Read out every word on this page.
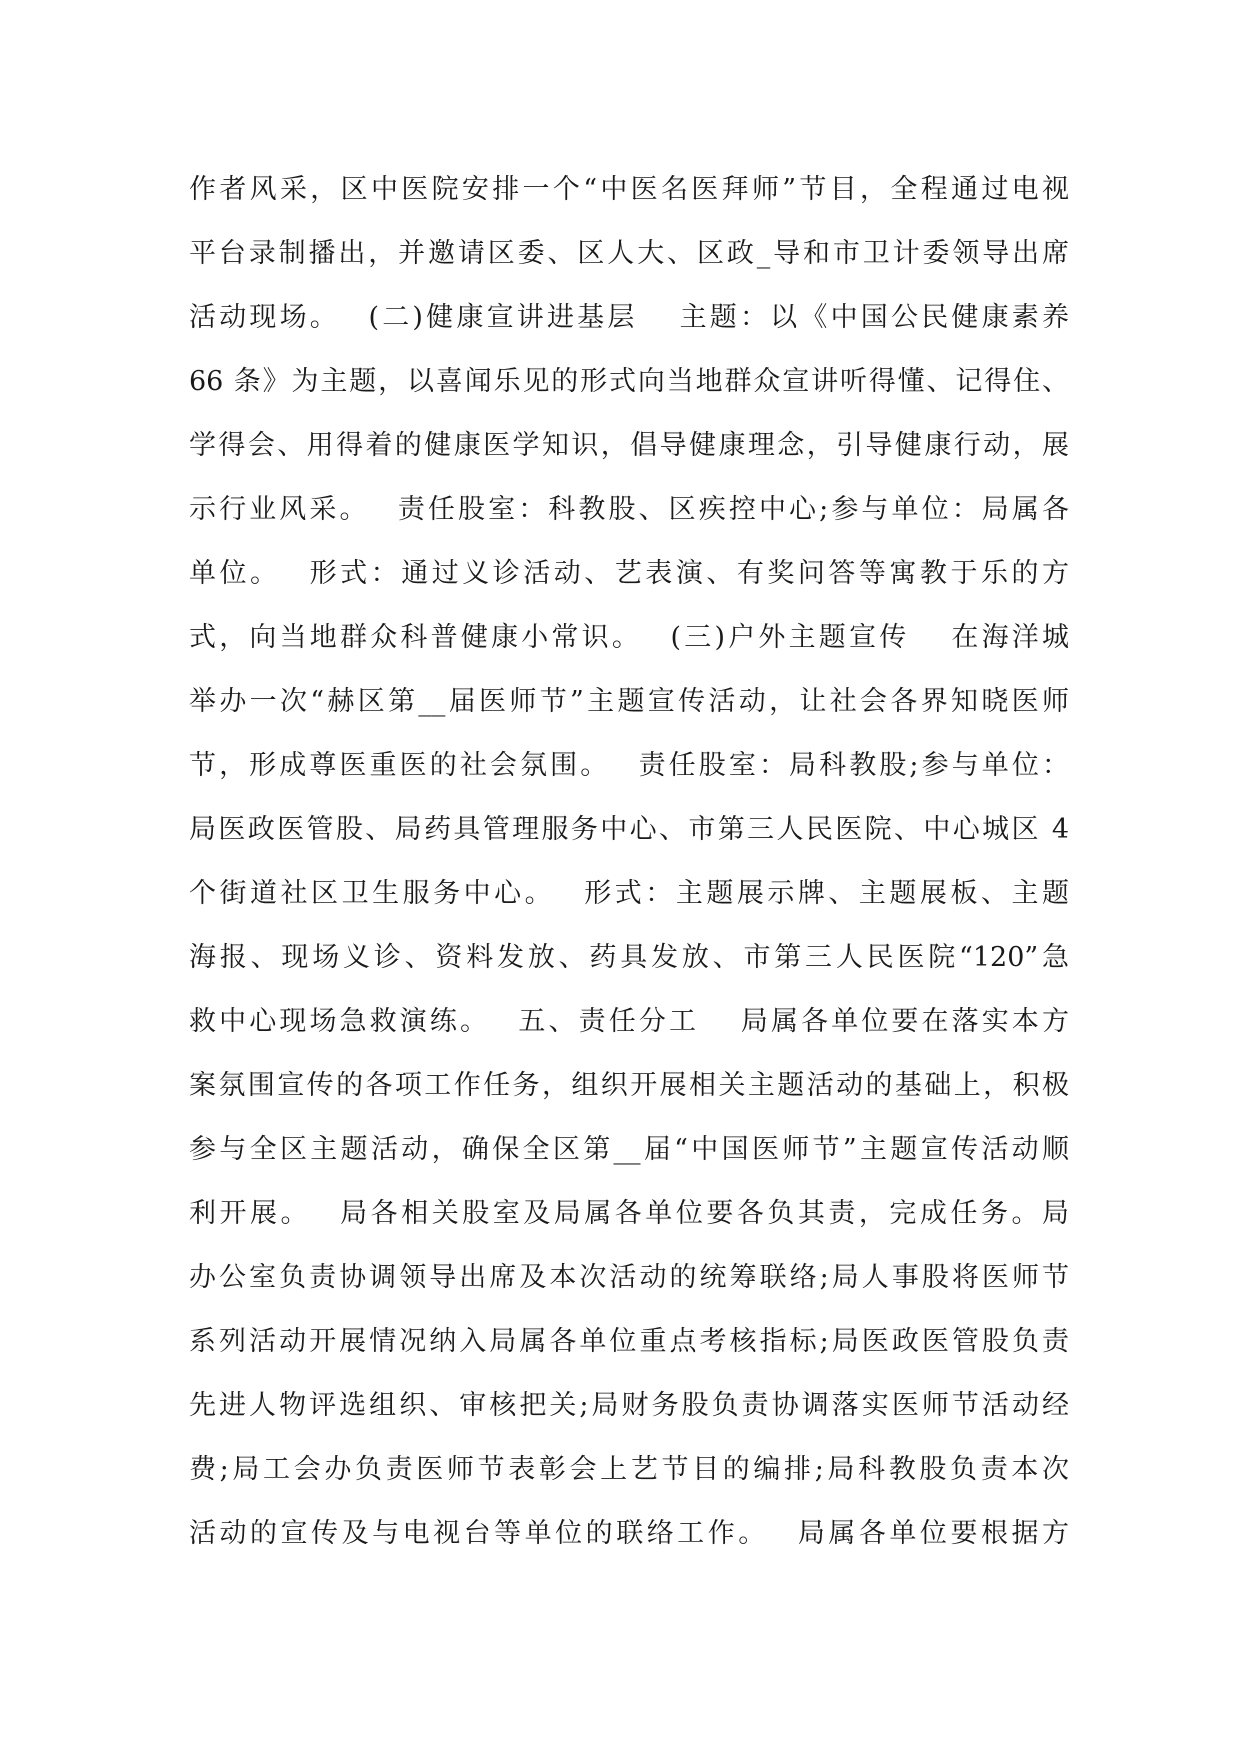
作者风采，区中医院安排一个“中医名医拜师”节目，全程通过电视
平台录制播出，并邀请区委、区人大、区政_导和市卫计委领导出席
活动现场。　 (二)健康宣讲进基层　 主题：以《中国公民健康素养
66 条》为主题，以喜闻乐见的形式向当地群众宣讲听得懂、记得住、
学得会、用得着的健康医学知识，倡导健康理念，引导健康行动，展
示行业风采。　 责任股室：科教股、区疾控中心;参与单位：局属各
单位。　 形式：通过义诊活动、艺表演、有奖问答等寓教于乐的方
式，向当地群众科普健康小常识。　 (三)户外主题宣传　 在海洋城
举办一次“赫区第__届医师节”主题宣传活动，让社会各界知晓医师
节，形成尊医重医的社会氛围。　 责任股室：局科教股;参与单位：
局医政医管股、局药具管理服务中心、市第三人民医院、中心城区 4
个街道社区卫生服务中心。　 形式：主题展示牌、主题展板、主题
海报、现场义诊、资料发放、药具发放、市第三人民医院“120”急
救中心现场急救演练。　 五、责任分工　 局属各单位要在落实本方
案氛围宣传的各项工作任务，组织开展相关主题活动的基础上，积极
参与全区主题活动，确保全区第__届“中国医师节”主题宣传活动顺
利开展。　 局各相关股室及局属各单位要各负其责，完成任务。局
办公室负责协调领导出席及本次活动的统筹联络;局人事股将医师节
系列活动开展情况纳入局属各单位重点考核指标;局医政医管股负责
先进人物评选组织、审核把关;局财务股负责协调落实医师节活动经
费;局工会办负责医师节表彰会上艺节目的编排;局科教股负责本次
活动的宣传及与电视台等单位的联络工作。　 局属各单位要根据方
